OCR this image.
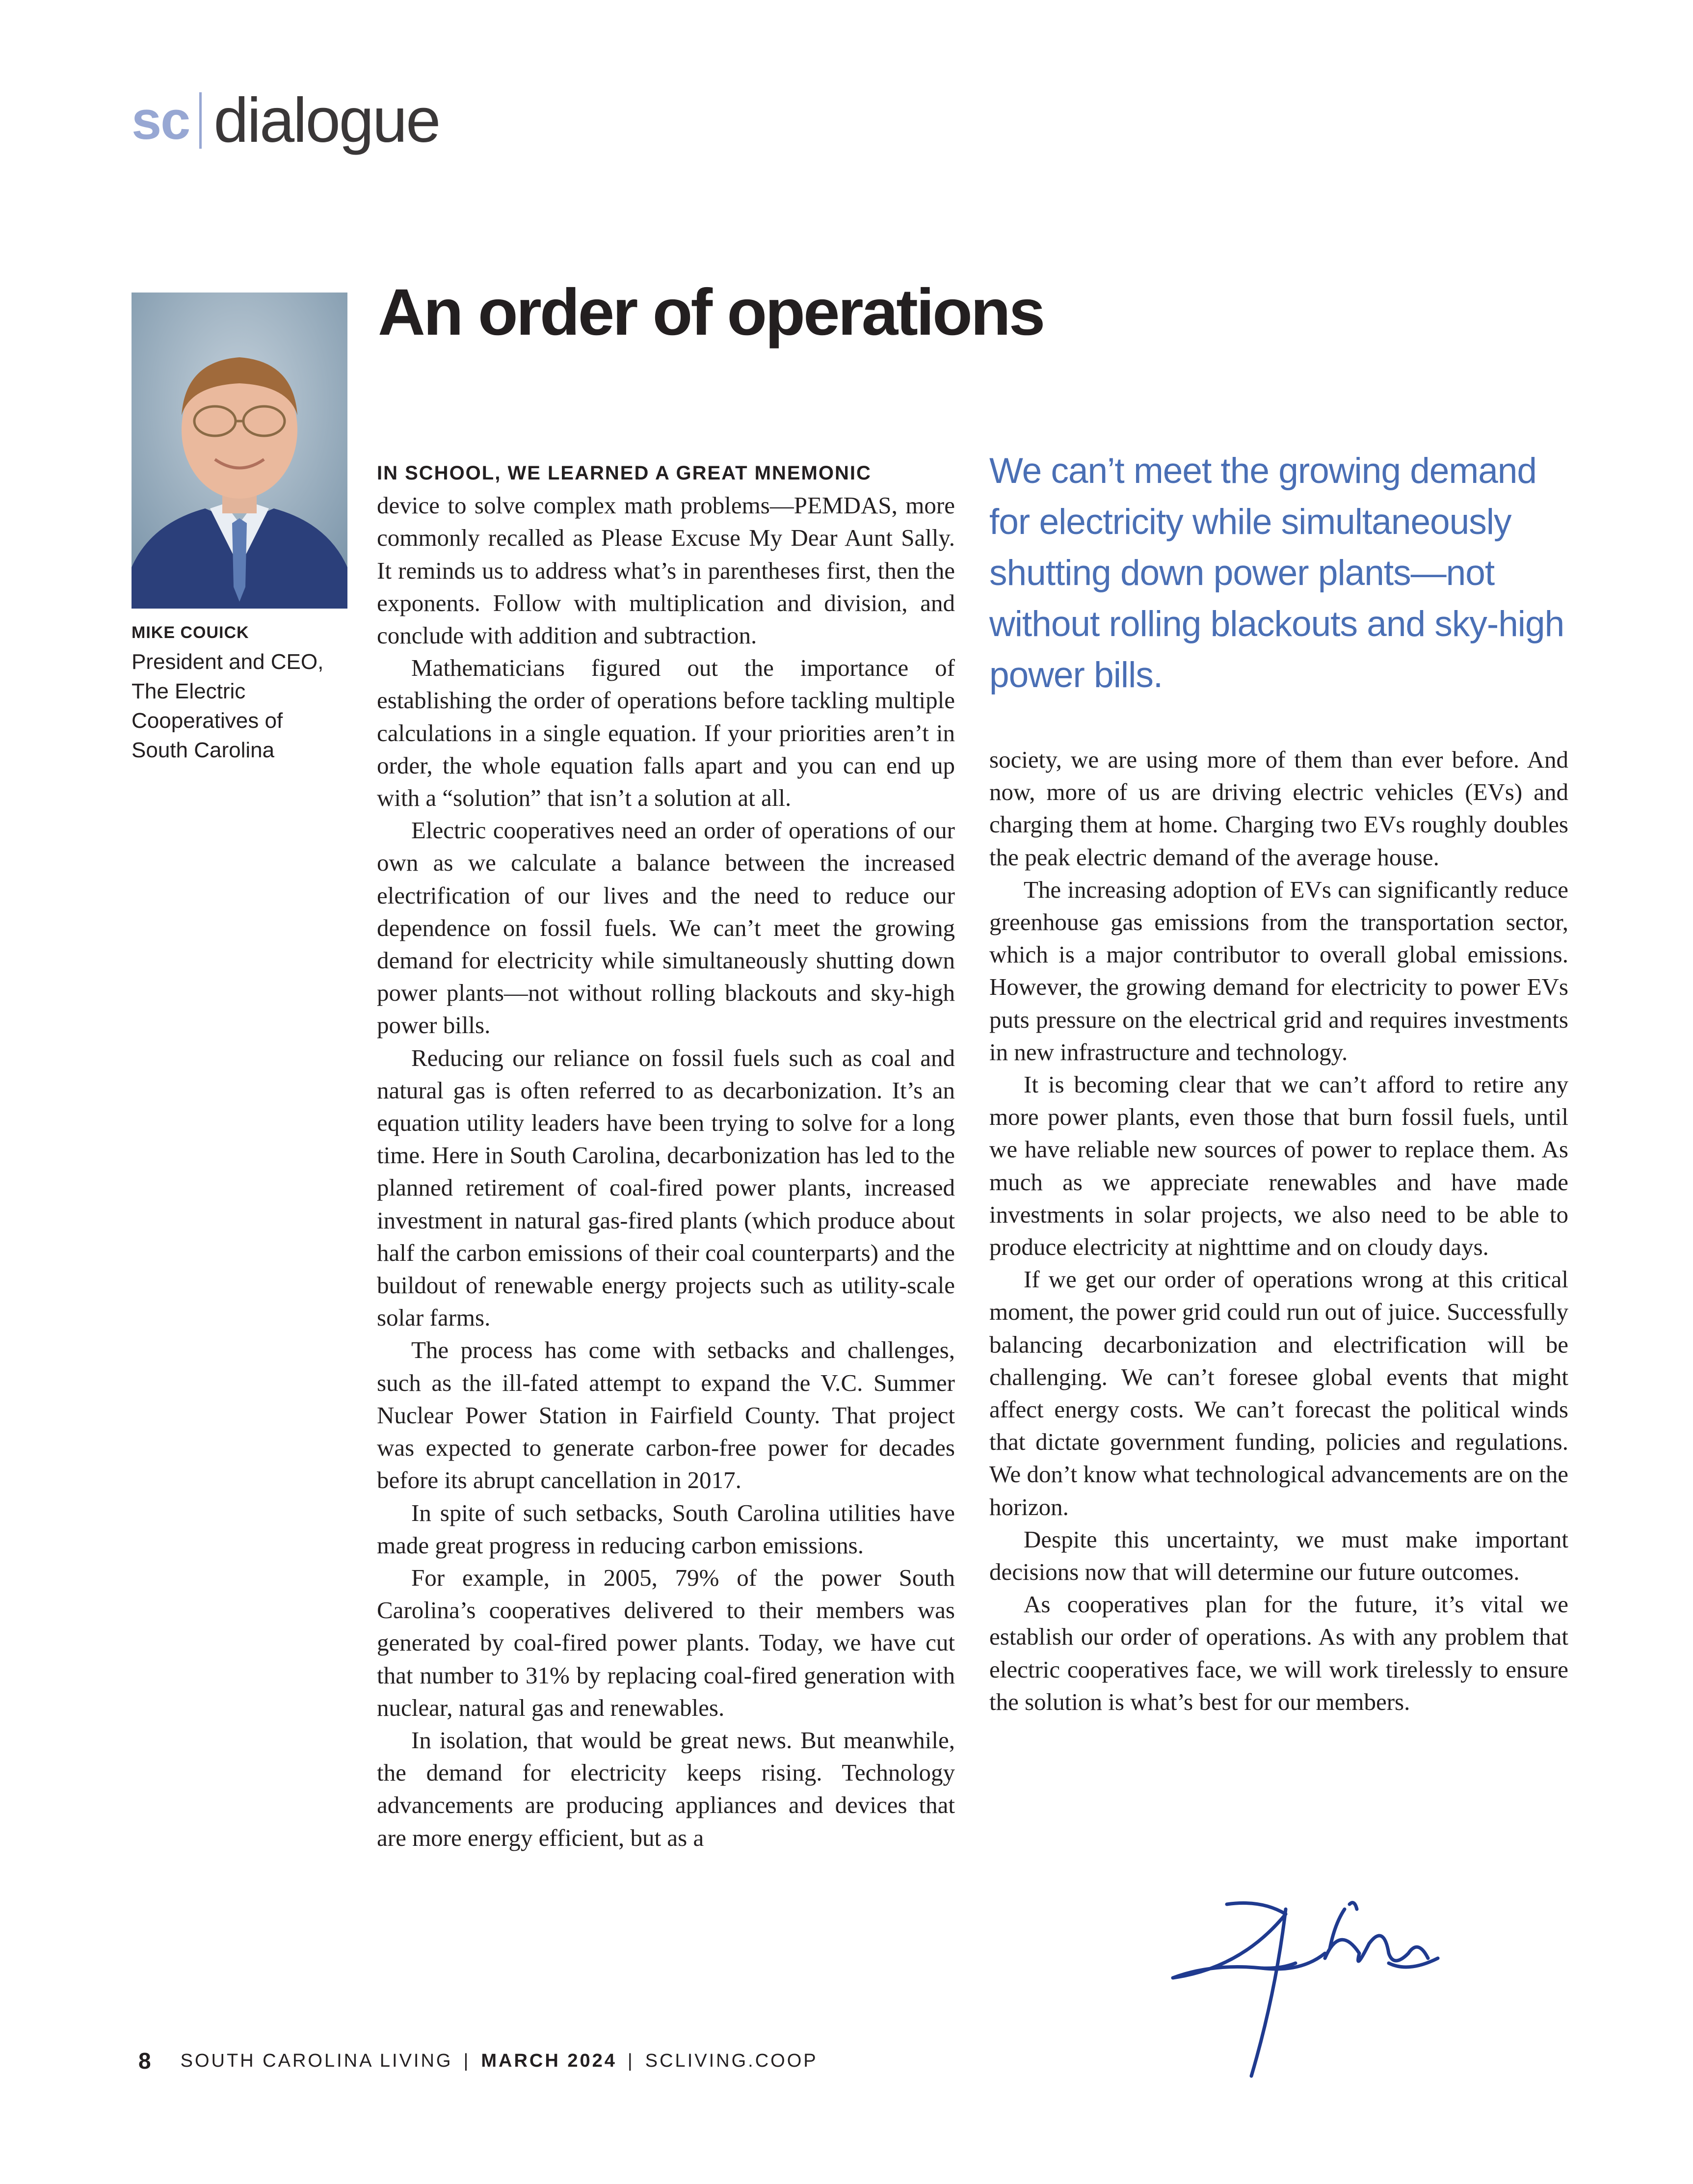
sc dialogue
MIKE COUICK
President and CEO,
The Electric
Cooperatives of
South Carolina
An order of operations

IN SCHOOL, WE LEARNED A GREAT MNEMONIC
device to solve complex math problems—PEMDAS, more commonly recalled as Please Excuse My Dear Aunt Sally. It reminds us to address what’s in parentheses first, then the exponents. Follow with multiplication and division, and conclude with addition and subtraction.

Mathematicians figured out the importance of establishing the order of operations before tackling multiple calculations in a single equation. If your priorities aren’t in order, the whole equation falls apart and you can end up with a “solution” that isn’t a solution at all.

Electric cooperatives need an order of operations of our own as we calculate a balance between the increased electrification of our lives and the need to reduce our dependence on fossil fuels. We can’t meet the growing demand for electricity while simultaneously shutting down power plants—not without rolling blackouts and sky-high power bills.

Reducing our reliance on fossil fuels such as coal and natural gas is often referred to as decarbonization. It’s an equation utility leaders have been trying to solve for a long time. Here in South Carolina, decarbonization has led to the planned retirement of coal-fired power plants, increased investment in natural gas-fired plants (which produce about half the carbon emissions of their coal counterparts) and the buildout of renewable energy projects such as utility-scale solar farms.

The process has come with setbacks and challenges, such as the ill-fated attempt to expand the V.C. Summer Nuclear Power Station in Fairfield County. That project was expected to generate carbon-free power for decades before its abrupt cancellation in 2017.

In spite of such setbacks, South Carolina utilities have made great progress in reducing carbon emissions.

For example, in 2005, 79% of the power South Carolina’s cooperatives delivered to their members was generated by coal-fired power plants. Today, we have cut that number to 31% by replacing coal-fired generation with nuclear, natural gas and renewables.

In isolation, that would be great news. But meanwhile, the demand for electricity keeps rising. Technology advancements are producing appliances and devices that are more energy efficient, but as a

We can’t meet the growing demand for electricity while simultaneously shutting down power plants—not without rolling blackouts and sky-high power bills.

society, we are using more of them than ever before. And now, more of us are driving electric vehicles (EVs) and charging them at home. Charging two EVs roughly doubles the peak electric demand of the average house.

The increasing adoption of EVs can significantly reduce greenhouse gas emissions from the transportation sector, which is a major contributor to overall global emissions. However, the growing demand for electricity to power EVs puts pressure on the electrical grid and requires investments in new infrastructure and technology.

It is becoming clear that we can’t afford to retire any more power plants, even those that burn fossil fuels, until we have reliable new sources of power to replace them. As much as we appreciate renewables and have made investments in solar projects, we also need to be able to produce electricity at nighttime and on cloudy days.

If we get our order of operations wrong at this critical moment, the power grid could run out of juice. Successfully balancing decarbonization and electrification will be challenging. We can’t foresee global events that might affect energy costs. We can’t forecast the political winds that dictate government funding, policies and regulations. We don’t know what technological advancements are on the horizon.

Despite this uncertainty, we must make important decisions now that will determine our future outcomes.

As cooperatives plan for the future, it’s vital we establish our order of operations. As with any problem that electric cooperatives face, we will work tirelessly to ensure the solution is what’s best for our members.

8 SOUTH CAROLINA LIVING | MARCH 2024 | SCLIVING.COOP
